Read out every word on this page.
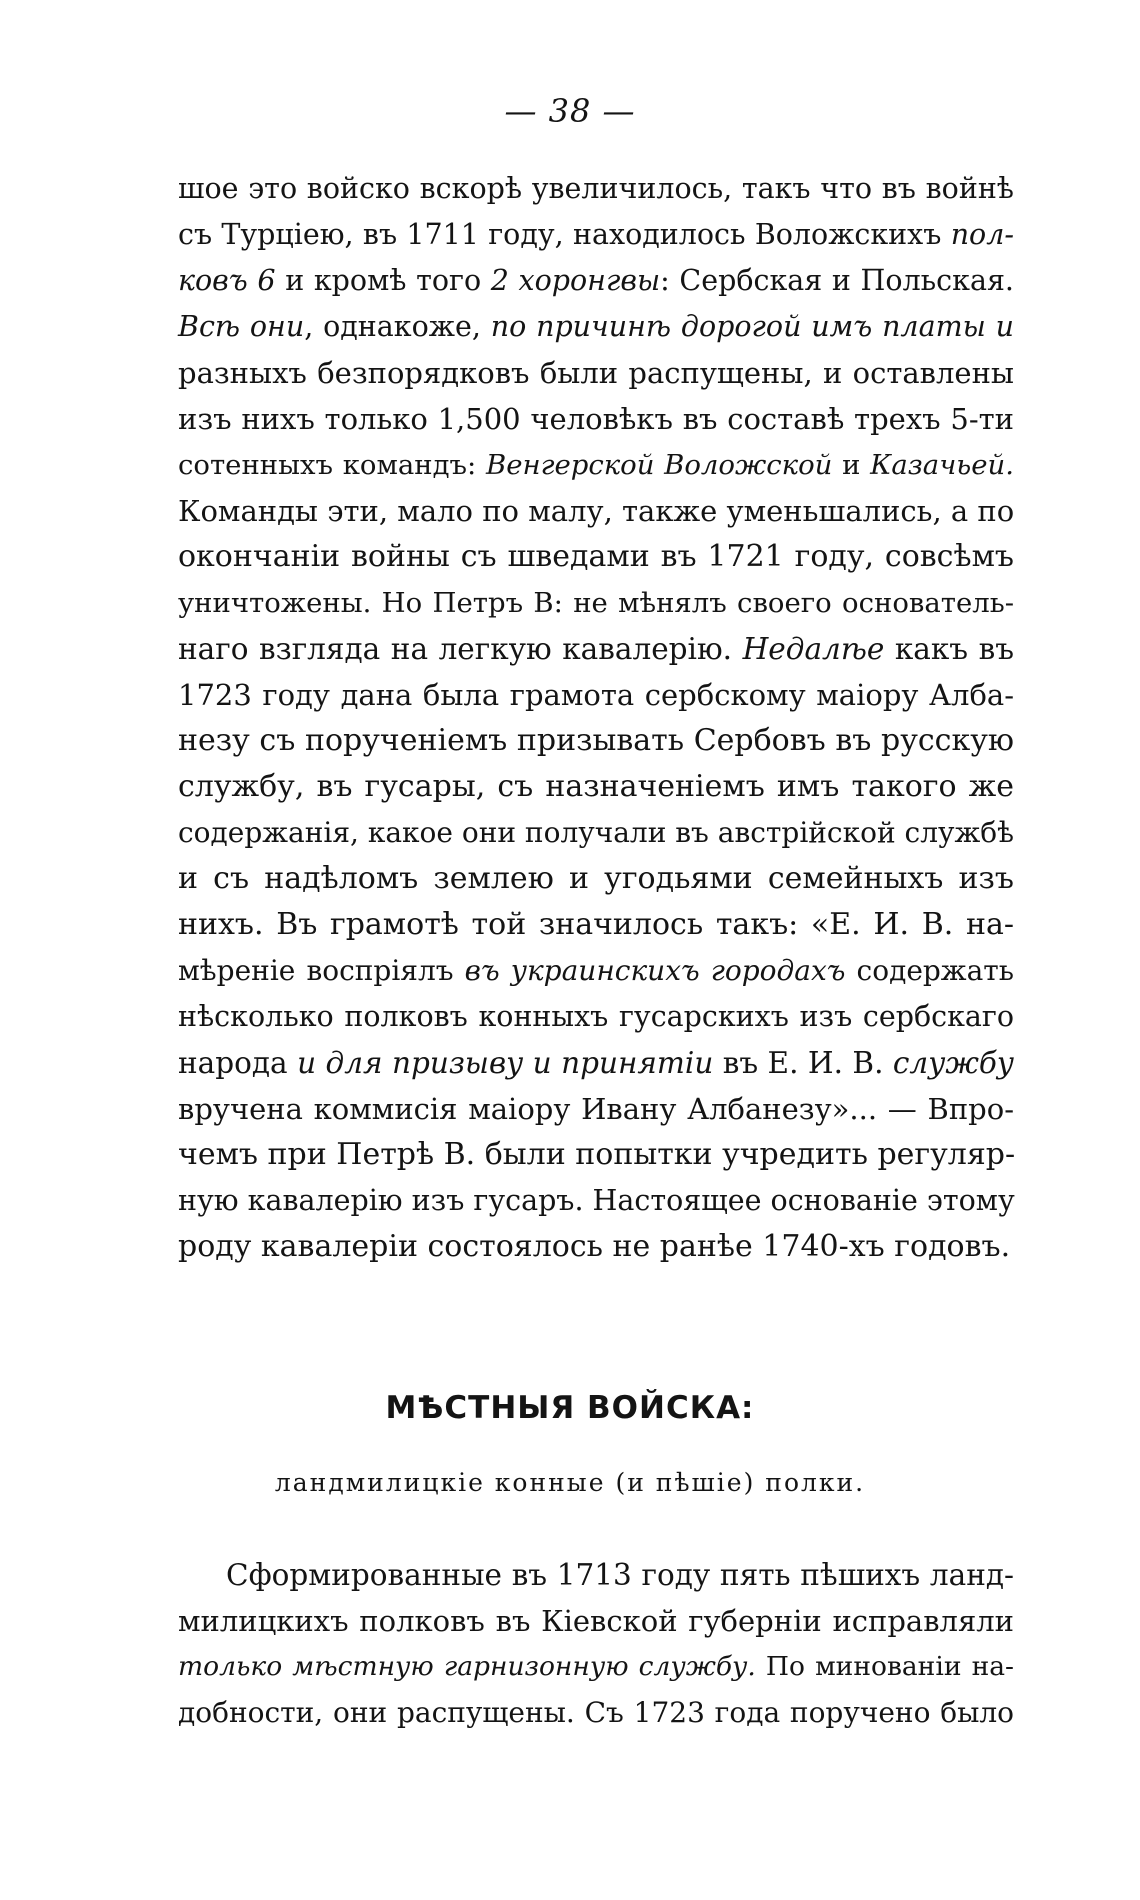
— 38 —
шое это войско вскорѣ увеличилось, такъ что въ войнѣ
съ Турціею, въ 1711 году, находилось Воложскихъ пол-
ковъ 6 и кромѣ того 2 хоронгвы: Сербская и Польская.
Всѣ они, однакоже, по причинѣ дорогой имъ платы и
разныхъ безпорядковъ были распущены, и оставлены
изъ нихъ только 1,500 человѣкъ въ составѣ трехъ 5-ти
сотенныхъ командъ: Венгерской Воложской и Казачьей.
Команды эти, мало по малу, также уменьшались, а по
окончаніи войны съ шведами въ 1721 году, совсѣмъ
уничтожены. Но Петръ В: не мѣнялъ своего основатель-
наго взгляда на легкую кавалерію. Недалѣе какъ въ
1723 году дана была грамота сербскому маіору Алба-
незу съ порученіемъ призывать Сербовъ въ русскую
службу, въ гусары, съ назначеніемъ имъ такого же
содержанія, какое они получали въ австрійской службѣ
и съ надѣломъ землею и угодьями семейныхъ изъ
нихъ. Въ грамотѣ той значилось такъ: «Е. И. В. на-
мѣреніе воспріялъ въ украинскихъ городахъ содержать
нѣсколько полковъ конныхъ гусарскихъ изъ сербскаго
народа и для призыву и принятіи въ Е. И. В. службу
вручена коммисія маіору Ивану Албанезу»... — Впро-
чемъ при Петрѣ В. были попытки учредить регуляр-
ную кавалерію изъ гусаръ. Настоящее основаніе этому
роду кавалеріи состоялось не ранѣе 1740-хъ годовъ.
МѢСТНЫЯ ВОЙСКА:
ландмилицкіе конные (и пѣшіе) полки.
Сформированные въ 1713 году пять пѣшихъ ланд-
милицкихъ полковъ въ Кіевской губерніи исправляли
только мѣстную гарнизонную службу. По миновaніи на-
добности, они распущены. Съ 1723 года поручено было
